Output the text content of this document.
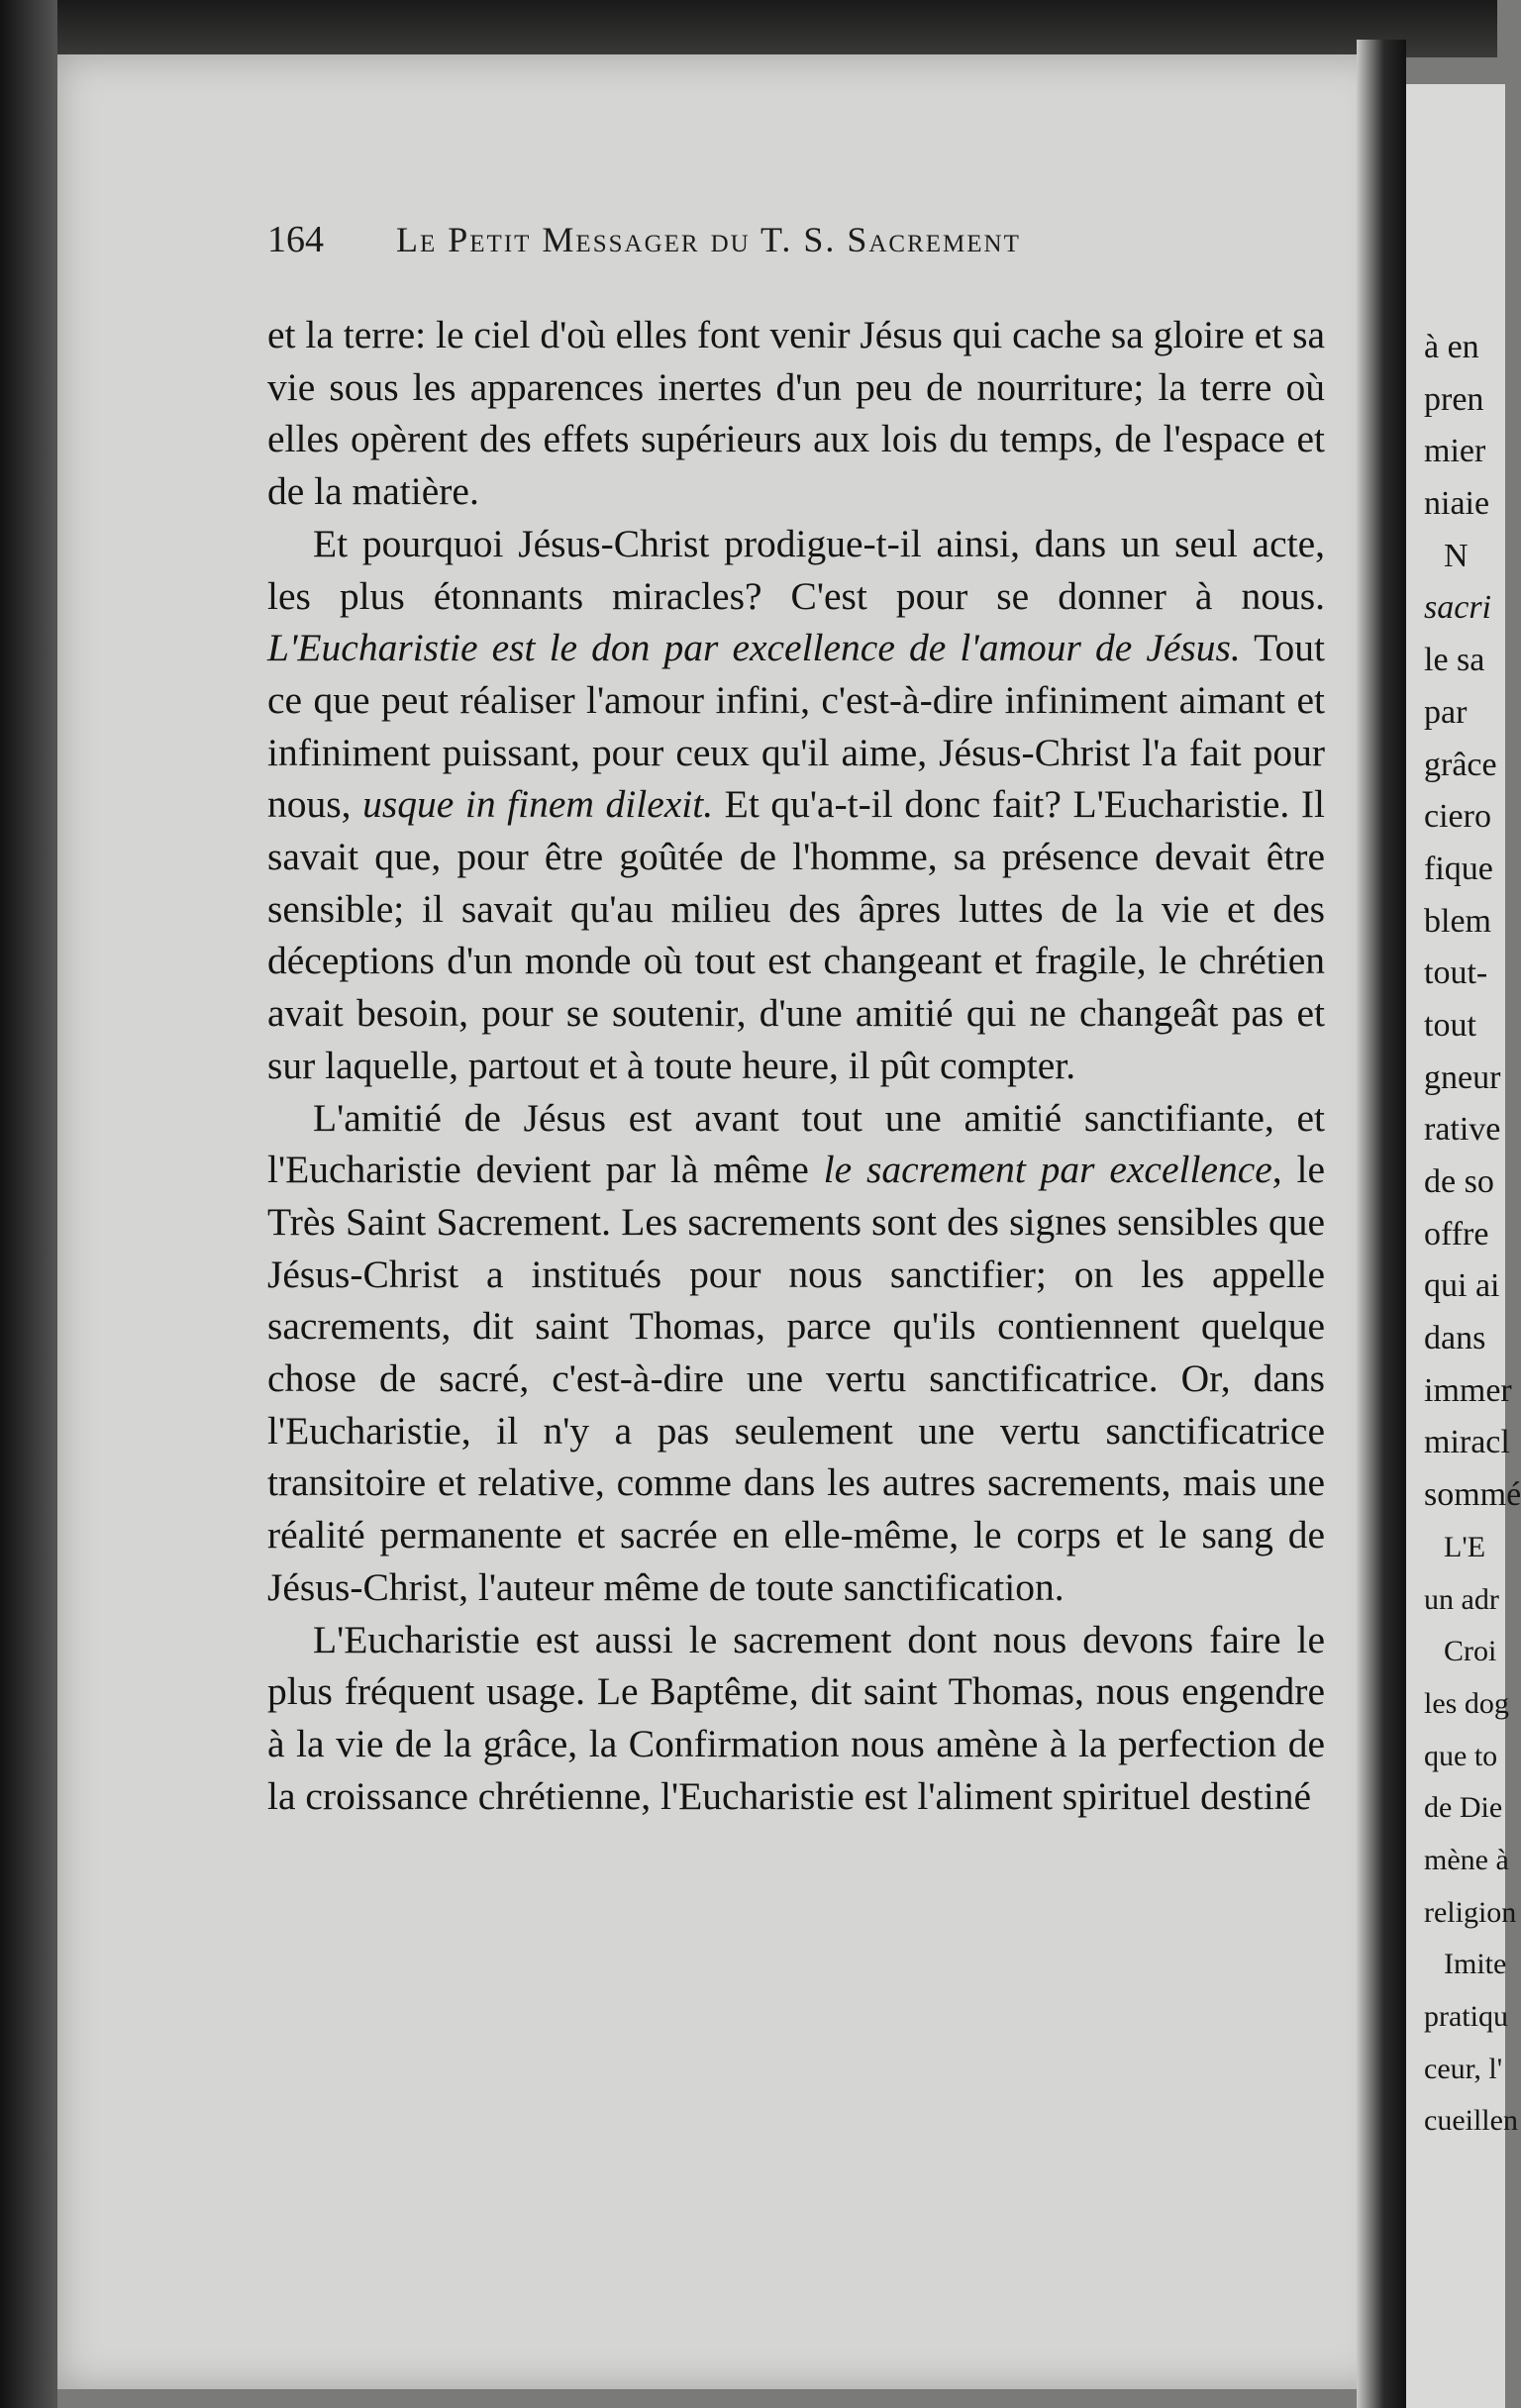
164	Le Petit Messager du T. S. Sacrement

et la terre: le ciel d'où elles font venir Jésus qui cache sa gloire et sa vie sous les apparences inertes d'un peu de nourriture; la terre où elles opèrent des effets supérieurs aux lois du temps, de l'espace et de la matière.

Et pourquoi Jésus-Christ prodigue-t-il ainsi, dans un seul acte, les plus étonnants miracles? C'est pour se donner à nous. L'Eucharistie est le don par excellence de l'amour de Jésus. Tout ce que peut réaliser l'amour infini, c'est-à-dire infiniment aimant et infiniment puissant, pour ceux qu'il aime, Jésus-Christ l'a fait pour nous, usque in finem dilexit. Et qu'a-t-il donc fait? L'Eucharistie. Il savait que, pour être goûtée de l'homme, sa présence devait être sensible; il savait qu'au milieu des âpres luttes de la vie et des déceptions d'un monde où tout est changeant et fragile, le chrétien avait besoin, pour se soutenir, d'une amitié qui ne changeât pas et sur laquelle, partout et à toute heure, il pût compter.

L'amitié de Jésus est avant tout une amitié sanctifiante, et l'Eucharistie devient par là même le sacrement par excellence, le Très Saint Sacrement. Les sacrements sont des signes sensibles que Jésus-Christ a institués pour nous sanctifier; on les appelle sacrements, dit saint Thomas, parce qu'ils contiennent quelque chose de sacré, c'est-à-dire une vertu sanctificatrice. Or, dans l'Eucharistie, il n'y a pas seulement une vertu sanctificatrice transitoire et relative, comme dans les autres sacrements, mais une réalité permanente et sacrée en elle-même, le corps et le sang de Jésus-Christ, l'auteur même de toute sanctification.

L'Eucharistie est aussi le sacrement dont nous devons faire le plus fréquent usage. Le Baptême, dit saint Thomas, nous engendre à la vie de la grâce, la Confirmation nous amène à la perfection de la croissance chrétienne, l'Eucharistie est l'aliment spirituel destiné

à en
pren
mier
niaie
N
sacri
le sa
par
grâce
ciero
fique
blem
tout-
tout
gneur
rative
de so
offre
qui ai
dans
immer
miracl
sommé
L'E
un adr
Croi
les dog
que to
de Die
mène à
religion
Imite
pratiqu
ceur, l'
cueillen
